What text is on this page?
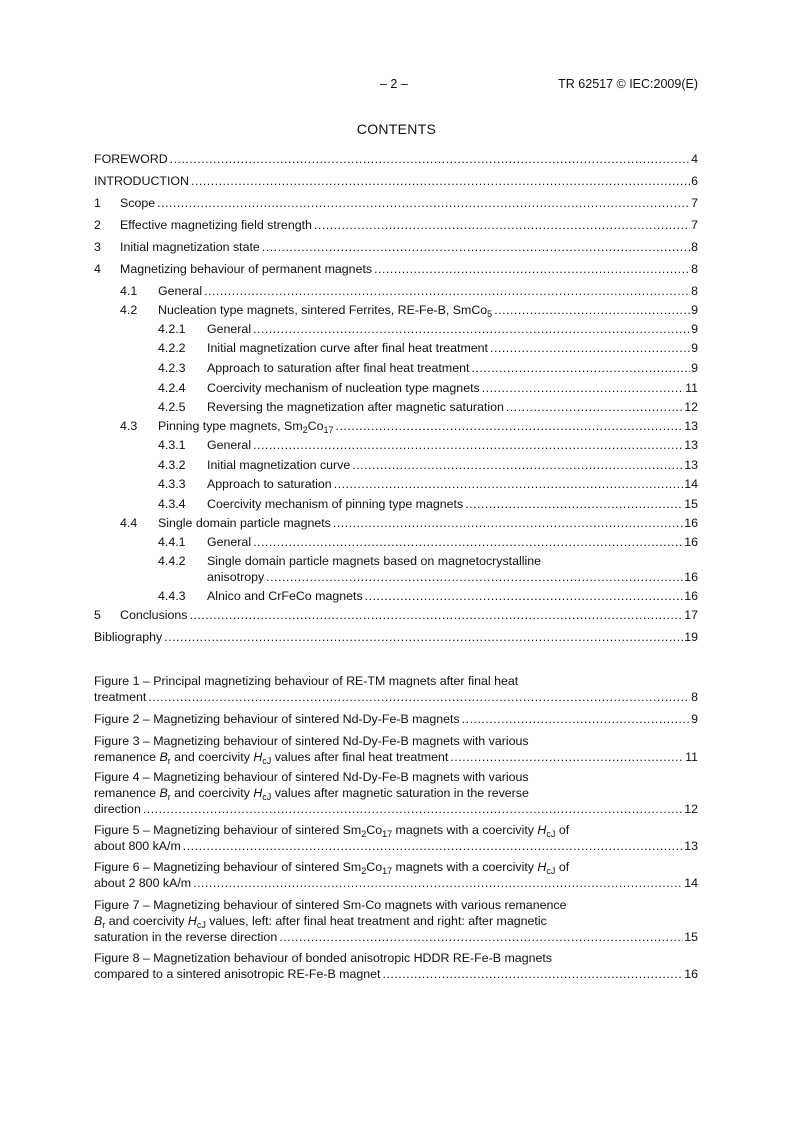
– 2 –	TR 62517 © IEC:2009(E)
CONTENTS
FOREWORD .....	4
INTRODUCTION .....	6
1	Scope .....	7
2	Effective magnetizing field strength .....	7
3	Initial magnetization state .....	8
4	Magnetizing behaviour of permanent magnets .....	8
4.1	General .....	8
4.2	Nucleation type magnets, sintered Ferrites, RE-Fe-B, SmCo$_5$ .....	9
4.2.1	General .....	9
4.2.2	Initial magnetization curve after final heat treatment .....	9
4.2.3	Approach to saturation after final heat treatment .....	9
4.2.4	Coercivity mechanism of nucleation type magnets .....	11
4.2.5	Reversing the magnetization after magnetic saturation .....	12
4.3	Pinning type magnets, $Sm_2Co_{17}$ .....	13
4.3.1	General .....	13
4.3.2	Initial magnetization curve .....	13
4.3.3	Approach to saturation .....	14
4.3.4	Coercivity mechanism of pinning type magnets .....	15
4.4	Single domain particle magnets .....	16
4.4.1	General .....	16
4.4.2	Single domain particle magnets based on magnetocrystalline
anisotropy .....	16
4.4.3	Alnico and CrFeCo magnets .....	16
5	Conclusions .....	17
Bibliography .....	19
Figure 1 – Principal magnetizing behaviour of RE-TM magnets after final heat
treatment .....	8
Figure 2 – Magnetizing behaviour of sintered Nd-Dy-Fe-B magnets .....	9
Figure 3 – Magnetizing behaviour of sintered Nd-Dy-Fe-B magnets with various
remanence $B_r$ and coercivity $H_{cJ}$ values after final heat treatment .....	11
Figure 4 – Magnetizing behaviour of sintered Nd-Dy-Fe-B magnets with various
remanence $B_r$ and coercivity $H_{cJ}$ values after magnetic saturation in the reverse
direction .....	12
Figure 5 – Magnetizing behaviour of sintered $Sm_2Co_{17}$ magnets with a coercivity $H_{cJ}$ of
about 800 kA/m .....	13
Figure 6 – Magnetizing behaviour of sintered $Sm_2Co_{17}$ magnets with a coercivity $H_{cJ}$ of
about 2 800 kA/m .....	14
Figure 7 – Magnetizing behaviour of sintered Sm-Co magnets with various remanence
$B_r$ and coercivity $H_{cJ}$ values, left: after final heat treatment and right: after magnetic
saturation in the reverse direction .....	15
Figure 8 – Magnetization behaviour of bonded anisotropic HDDR RE-Fe-B magnets
compared to a sintered anisotropic RE-Fe-B magnet .....	16
